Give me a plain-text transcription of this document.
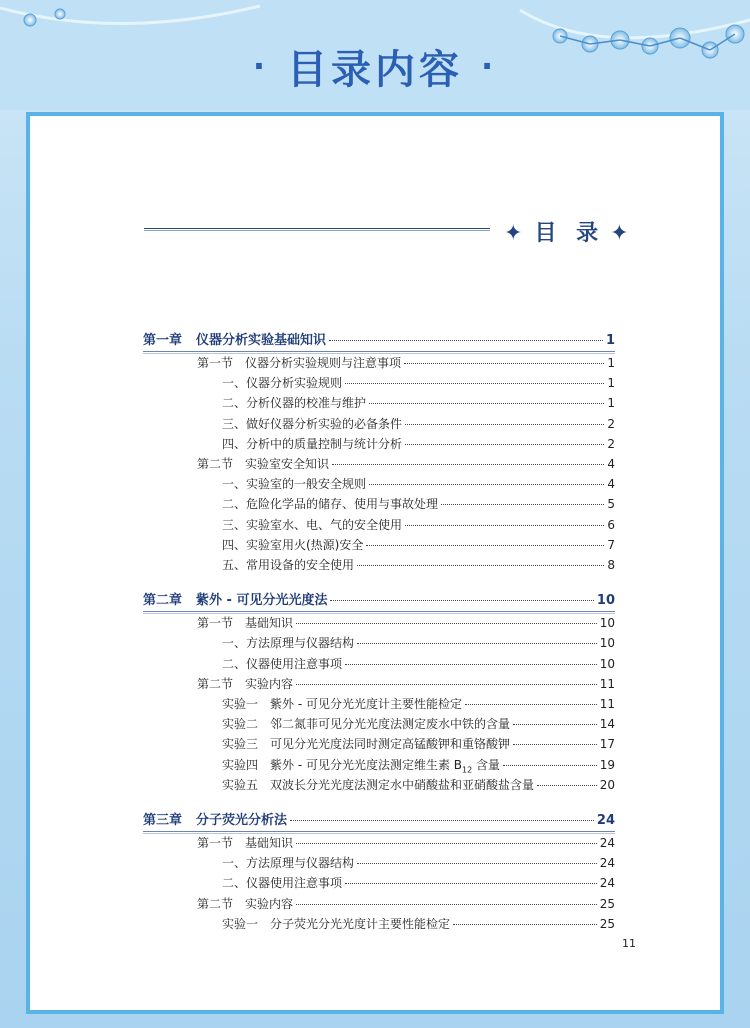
· 目录内容 ·
✦ 目 录 ✦
第一章 仪器分析实验基础知识	1
第一节 仪器分析实验规则与注意事项	1
一、仪器分析实验规则	1
二、分析仪器的校准与维护	1
三、做好仪器分析实验的必备条件	2
四、分析中的质量控制与统计分析	2
第二节 实验室安全知识	4
一、实验室的一般安全规则	4
二、危险化学品的储存、使用与事故处理	5
三、实验室水、电、气的安全使用	6
四、实验室用火(热源)安全	7
五、常用设备的安全使用	8
第二章 紫外 - 可见分光光度法	10
第一节 基础知识	10
一、方法原理与仪器结构	10
二、仪器使用注意事项	10
第二节 实验内容	11
实验一 紫外 - 可见分光光度计主要性能检定	11
实验二 邻二氮菲可见分光光度法测定废水中铁的含量	14
实验三 可见分光光度法同时测定高锰酸钾和重铬酸钾	17
实验四 紫外 - 可见分光光度法测定维生素 $B_{12}$ 含量	19
实验五 双波长分光光度法测定水中硝酸盐和亚硝酸盐含量	20
第三章 分子荧光分析法	24
第一节 基础知识	24
一、方法原理与仪器结构	24
二、仪器使用注意事项	24
第二节 实验内容	25
实验一 分子荧光分光光度计主要性能检定	25
11
